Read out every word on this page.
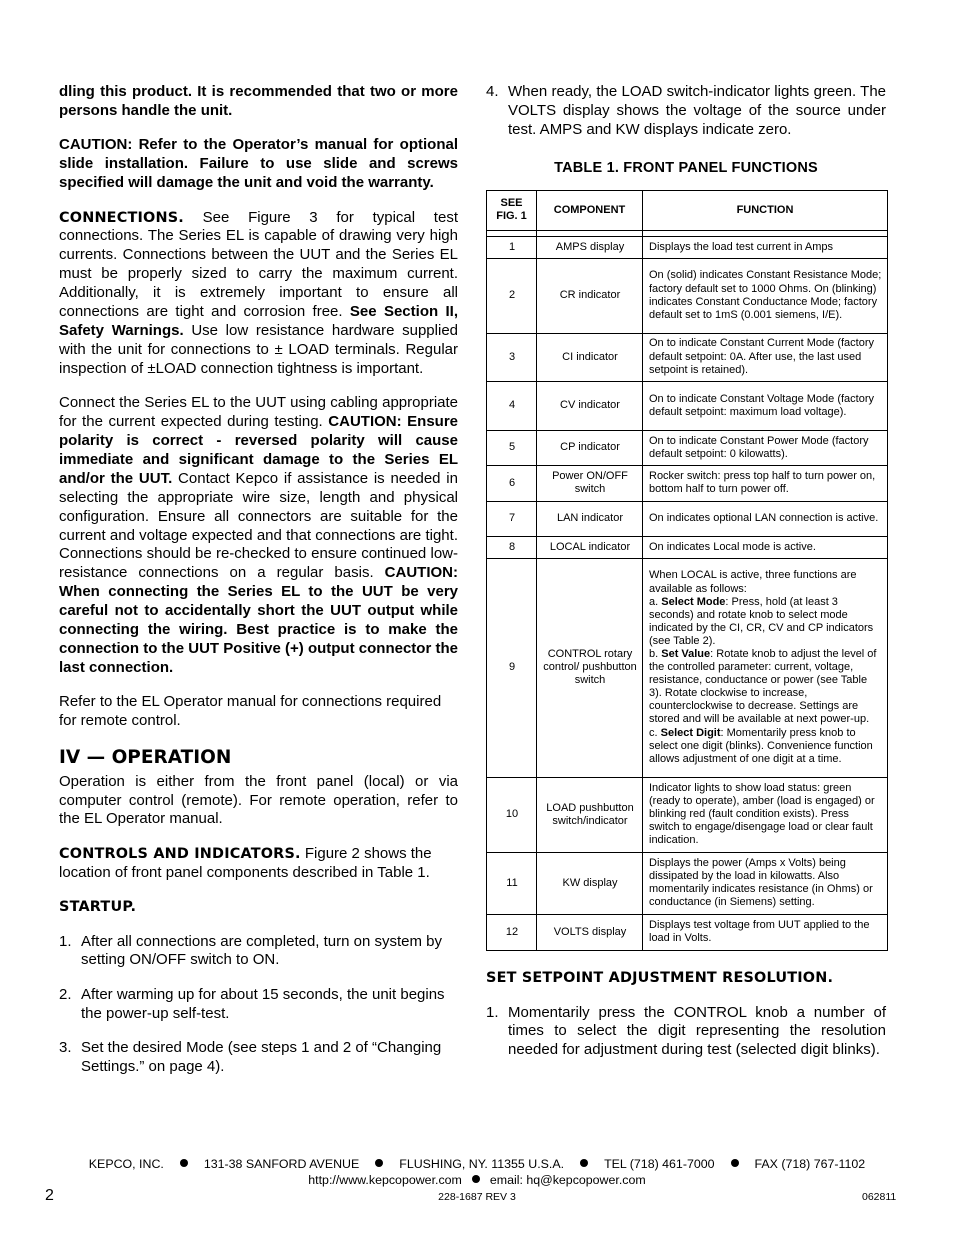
dling this product. It is recommended that two or more persons handle the unit.

CAUTION: Refer to the Operator’s manual for optional slide installation. Failure to use slide and screws specified will damage the unit and void the warranty.

CONNECTIONS. See Figure 3 for typical test connections. The Series EL is capable of drawing very high currents. Connections between the UUT and the Series EL must be properly sized to carry the maximum current. Additionally, it is extremely important to ensure all connections are tight and corrosion free. See Section II, Safety Warnings. Use low resistance hardware supplied with the unit for connections to ± LOAD terminals. Regular inspection of ±LOAD connection tightness is important.

Connect the Series EL to the UUT using cabling appropriate for the current expected during testing. CAUTION: Ensure polarity is correct - reversed polarity will cause immediate and significant damage to the Series EL and/or the UUT. Contact Kepco if assistance is needed in selecting the appropriate wire size, length and physical configuration. Ensure all connectors are suitable for the current and voltage expected and that connections are tight. Connections should be re-checked to ensure continued low-resistance connections on a regular basis. CAUTION: When connecting the Series EL to the UUT be very careful not to accidentally short the UUT output while connecting the wiring. Best practice is to make the connection to the UUT Positive (+) output connector the last connection.

Refer to the EL Operator manual for connections required for remote control.

IV — OPERATION

Operation is either from the front panel (local) or via computer control (remote). For remote operation, refer to the EL Operator manual.

CONTROLS AND INDICATORS. Figure 2 shows the location of front panel components described in Table 1.

STARTUP.

1. After all connections are completed, turn on system by setting ON/OFF switch to ON.
2. After warming up for about 15 seconds, the unit begins the power-up self-test.
3. Set the desired Mode (see steps 1 and 2 of “Changing Settings.” on page 4).
4. When ready, the LOAD switch-indicator lights green. The VOLTS display shows the voltage of the source under test. AMPS and KW displays indicate zero.
TABLE 1. FRONT PANEL FUNCTIONS
SEE
FIG. 1	COMPONENT	FUNCTION

1	AMPS display	Displays the load test current in Amps
2	CR indicator	On (solid) indicates Constant Resistance Mode; factory default set to 1000 Ohms. On (blinking) indicates Constant Conductance Mode; factory default set to 1mS (0.001 siemens, I/E).
3	CI indicator	On to indicate Constant Current Mode (factory default setpoint: 0A. After use, the last used setpoint is retained).
4	CV indicator	On to indicate Constant Voltage Mode (factory default setpoint: maximum load voltage).
5	CP indicator	On to indicate Constant Power Mode (factory default setpoint: 0 kilowatts).
6	Power ON/OFF switch	Rocker switch: press top half to turn power on, bottom half to turn power off.
7	LAN indicator	On indicates optional LAN connection is active.
8	LOCAL indicator	On indicates Local mode is active.
9	CONTROL rotary control/ pushbutton switch	When LOCAL is active, three functions are available as follows:
a. Select Mode: Press, hold (at least 3 seconds) and rotate knob to select mode indicated by the CI, CR, CV and CP indicators (see Table 2).
b. Set Value: Rotate knob to adjust the level of the controlled parameter: current, voltage, resistance, conductance or power (see Table 3). Rotate clockwise to increase, counterclockwise to decrease. Settings are stored and will be available at next power-up.
c. Select Digit: Momentarily press knob to select one digit (blinks). Convenience function allows adjustment of one digit at a time.
10	LOAD pushbutton switch/indicator	Indicator lights to show load status: green (ready to operate), amber (load is engaged) or blinking red (fault condition exists). Press switch to engage/disengage load or clear fault indication.
11	KW display	Displays the power (Amps x Volts) being dissipated by the load in kilowatts. Also momentarily indicates resistance (in Ohms) or conductance (in Siemens) setting.
12	VOLTS display	Displays test voltage from UUT applied to the load in Volts.

SET SETPOINT ADJUSTMENT RESOLUTION.

1. Momentarily press the CONTROL knob a number of times to select the digit representing the resolution needed for adjustment during test (selected digit blinks).
KEPCO, INC.	131-38 SANFORD AVENUE	FLUSHING, NY. 11355 U.S.A.	TEL (718) 461-7000	FAX (718) 767-1102
http://www.kepcopower.com email: hq@kepcopower.com
2	228-1687 REV 3	062811
